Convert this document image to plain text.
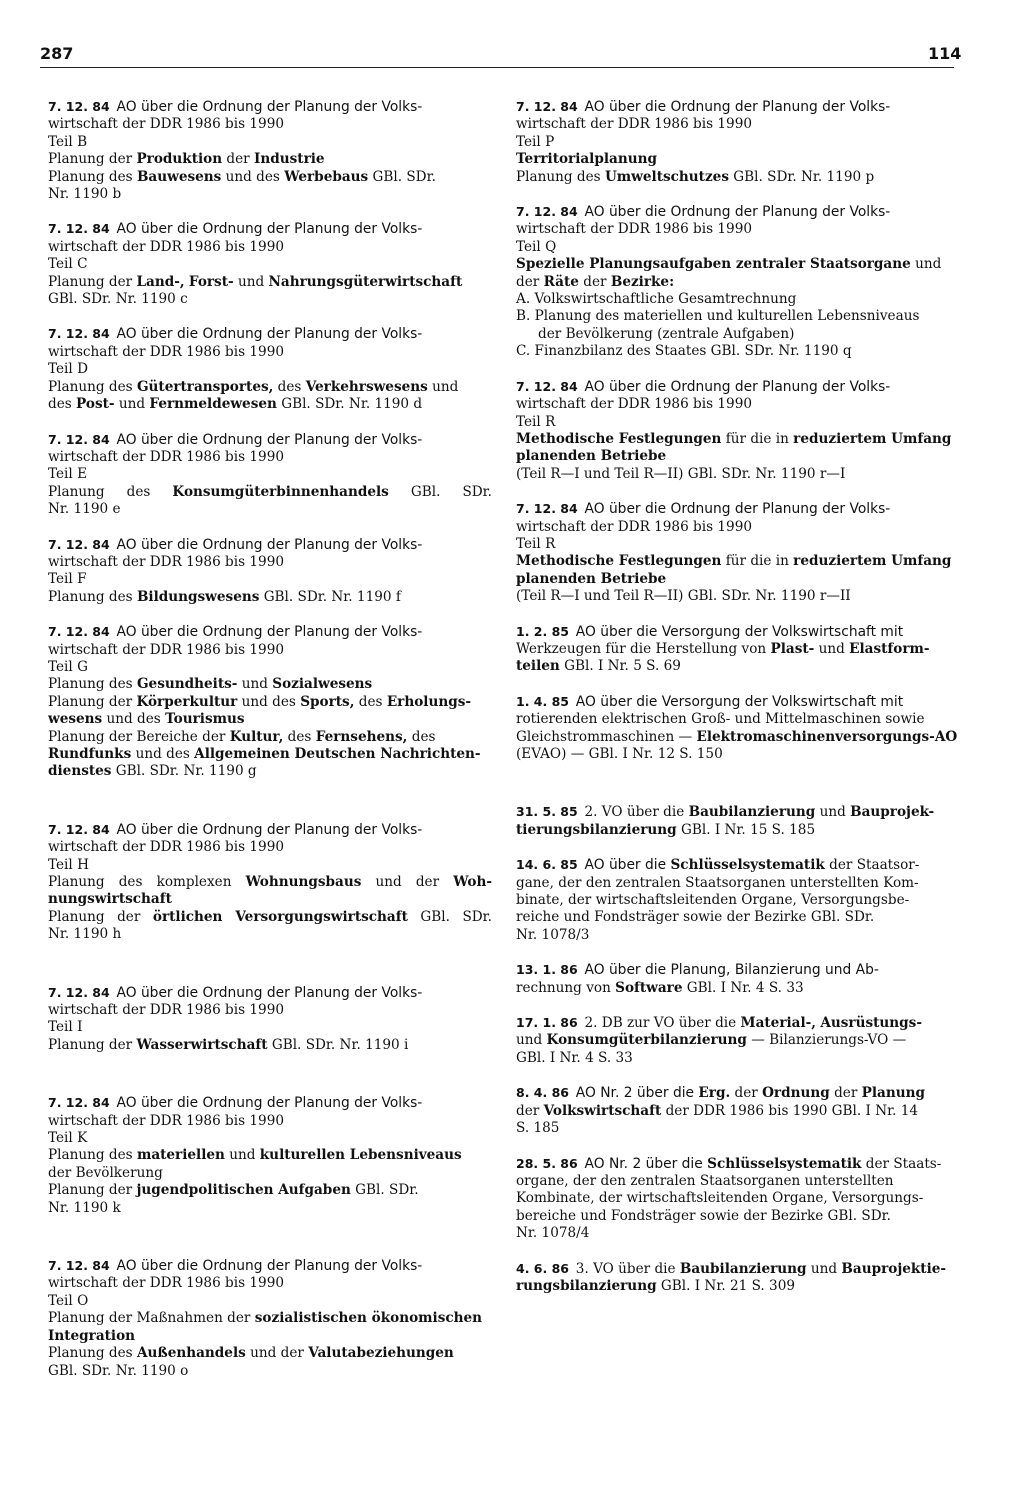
287	114
7. 12. 84  AO über die Ordnung der Planung der Volks-
wirtschaft der DDR 1986 bis 1990
Teil B
Planung der Produktion der Industrie
Planung des Bauwesens und des Werbebaus GBl. SDr.
Nr. 1190 b
7. 12. 84  AO über die Ordnung der Planung der Volks-
wirtschaft der DDR 1986 bis 1990
Teil C
Planung der Land-, Forst- und Nahrungsgüterwirtschaft
GBl. SDr. Nr. 1190 c
7. 12. 84  AO über die Ordnung der Planung der Volks-
wirtschaft der DDR 1986 bis 1990
Teil D
Planung des Gütertransportes, des Verkehrswesens und
des Post- und Fernmeldewesen GBl. SDr. Nr. 1190 d
7. 12. 84  AO über die Ordnung der Planung der Volks-
wirtschaft der DDR 1986 bis 1990
Teil E
Planung des Konsumgüterbinnenhandels GBl. SDr.
Nr. 1190 e
7. 12. 84  AO über die Ordnung der Planung der Volks-
wirtschaft der DDR 1986 bis 1990
Teil F
Planung des Bildungswesens GBl. SDr. Nr. 1190 f
7. 12. 84  AO über die Ordnung der Planung der Volks-
wirtschaft der DDR 1986 bis 1990
Teil G
Planung des Gesundheits- und Sozialwesens
Planung der Körperkultur und des Sports, des Erholungs-
wesens und des Tourismus
Planung der Bereiche der Kultur, des Fernsehens, des
Rundfunks und des Allgemeinen Deutschen Nachrichten-
dienstes GBl. SDr. Nr. 1190 g
7. 12. 84  AO über die Ordnung der Planung der Volks-
wirtschaft der DDR 1986 bis 1990
Teil H
Planung des komplexen Wohnungsbaus und der Woh-
nungswirtschaft
Planung der örtlichen Versorgungswirtschaft GBl. SDr.
Nr. 1190 h
7. 12. 84  AO über die Ordnung der Planung der Volks-
wirtschaft der DDR 1986 bis 1990
Teil I
Planung der Wasserwirtschaft GBl. SDr. Nr. 1190 i
7. 12. 84  AO über die Ordnung der Planung der Volks-
wirtschaft der DDR 1986 bis 1990
Teil K
Planung des materiellen und kulturellen Lebensniveaus
der Bevölkerung
Planung der jugendpolitischen Aufgaben GBl. SDr.
Nr. 1190 k
7. 12. 84  AO über die Ordnung der Planung der Volks-
wirtschaft der DDR 1986 bis 1990
Teil O
Planung der Maßnahmen der sozialistischen ökonomischen
Integration
Planung des Außenhandels und der Valutabeziehungen
GBl. SDr. Nr. 1190 o
7. 12. 84  AO über die Ordnung der Planung der Volks-
wirtschaft der DDR 1986 bis 1990
Teil P
Territorialplanung
Planung des Umweltschutzes GBl. SDr. Nr. 1190 p
7. 12. 84  AO über die Ordnung der Planung der Volks-
wirtschaft der DDR 1986 bis 1990
Teil Q
Spezielle Planungsaufgaben zentraler Staatsorgane und
der Räte der Bezirke:
A. Volkswirtschaftliche Gesamtrechnung
B. Planung des materiellen und kulturellen Lebensniveaus
der Bevölkerung (zentrale Aufgaben)
C. Finanzbilanz des Staates GBl. SDr. Nr. 1190 q
7. 12. 84  AO über die Ordnung der Planung der Volks-
wirtschaft der DDR 1986 bis 1990
Teil R
Methodische Festlegungen für die in reduziertem Umfang
planenden Betriebe
(Teil R—I und Teil R—II) GBl. SDr. Nr. 1190 r—I
7. 12. 84  AO über die Ordnung der Planung der Volks-
wirtschaft der DDR 1986 bis 1990
Teil R
Methodische Festlegungen für die in reduziertem Umfang
planenden Betriebe
(Teil R—I und Teil R—II) GBl. SDr. Nr. 1190 r—II
1. 2. 85  AO über die Versorgung der Volkswirtschaft mit
Werkzeugen für die Herstellung von Plast- und Elastform-
teilen GBl. I Nr. 5 S. 69
1. 4. 85  AO über die Versorgung der Volkswirtschaft mit
rotierenden elektrischen Groß- und Mittelmaschinen sowie
Gleichstrommaschinen — Elektromaschinenversorgungs-AO
(EVAO) — GBl. I Nr. 12 S. 150
31. 5. 85  2. VO über die Baubilanzierung und Bauprojek-
tierungsbilanzierung GBl. I Nr. 15 S. 185
14. 6. 85  AO über die Schlüsselsystematik der Staatsor-
gane, der den zentralen Staatsorganen unterstellten Kom-
binate, der wirtschaftsleitenden Organe, Versorgungsbe-
reiche und Fondsträger sowie der Bezirke GBl. SDr.
Nr. 1078/3
13. 1. 86  AO über die Planung, Bilanzierung und Ab-
rechnung von Software GBl. I Nr. 4 S. 33
17. 1. 86  2. DB zur VO über die Material-, Ausrüstungs-
und Konsumgüterbilanzierung — Bilanzierungs-VO —
GBl. I Nr. 4 S. 33
8. 4. 86  AO Nr. 2 über die Erg. der Ordnung der Planung
der Volkswirtschaft der DDR 1986 bis 1990 GBl. I Nr. 14
S. 185
28. 5. 86  AO Nr. 2 über die Schlüsselsystematik der Staats-
organe, der den zentralen Staatsorganen unterstellten
Kombinate, der wirtschaftsleitenden Organe, Versorgungs-
bereiche und Fondsträger sowie der Bezirke GBl. SDr.
Nr. 1078/4
4. 6. 86  3. VO über die Baubilanzierung und Bauprojektie-
rungsbilanzierung GBl. I Nr. 21 S. 309
